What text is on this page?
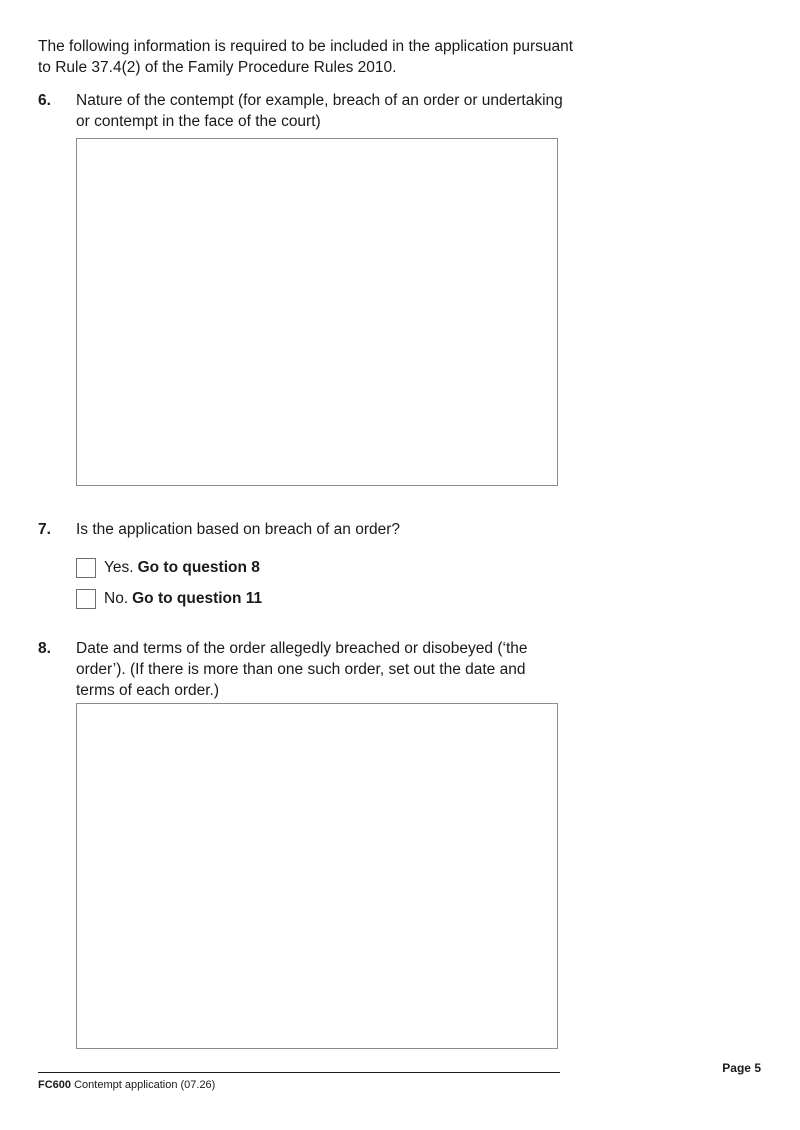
The following information is required to be included in the application pursuant to Rule 37.4(2) of the Family Procedure Rules 2010.

6. Nature of the contempt (for example, breach of an order or undertaking or contempt in the face of the court)

7. Is the application based on breach of an order?

Yes. Go to question 8
No. Go to question 11
8. Date and terms of the order allegedly breached or disobeyed (‘the order’). (If there is more than one such order, set out the date and terms of each order.)

FC600 Contempt application (07.26)
Page 5
